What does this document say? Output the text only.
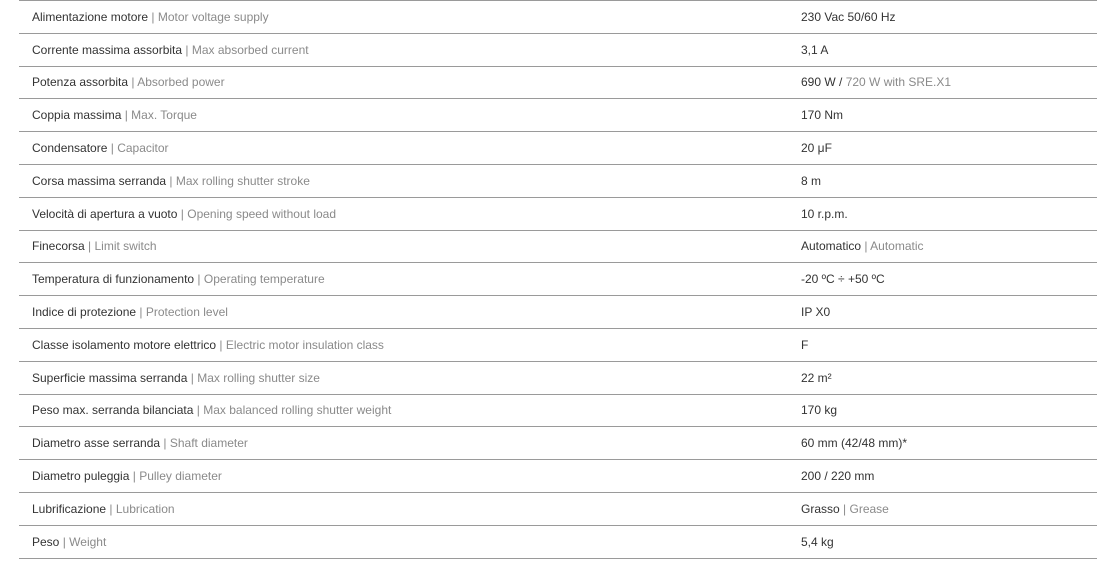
Alimentazione motore | Motor voltage supply	230 Vac 50/60 Hz
Corrente massima assorbita | Max absorbed current	3,1 A
Potenza assorbita | Absorbed power	690 W / 720 W with SRE.X1
Coppia massima | Max. Torque	170 Nm
Condensatore | Capacitor	20 μF
Corsa massima serranda | Max rolling shutter stroke	8 m
Velocità di apertura a vuoto | Opening speed without load	10 r.p.m.
Finecorsa | Limit switch	Automatico | Automatic
Temperatura di funzionamento | Operating temperature	-20 ºC ÷ +50 ºC
Indice di protezione | Protection level	IP X0
Classe isolamento motore elettrico | Electric motor insulation class	F
Superficie massima serranda | Max rolling shutter size	22 m²
Peso max. serranda bilanciata | Max balanced rolling shutter weight	170 kg
Diametro asse serranda | Shaft diameter	60 mm (42/48 mm)*
Diametro puleggia | Pulley diameter	200 / 220 mm
Lubrificazione | Lubrication	Grasso | Grease
Peso | Weight	5,4 kg
